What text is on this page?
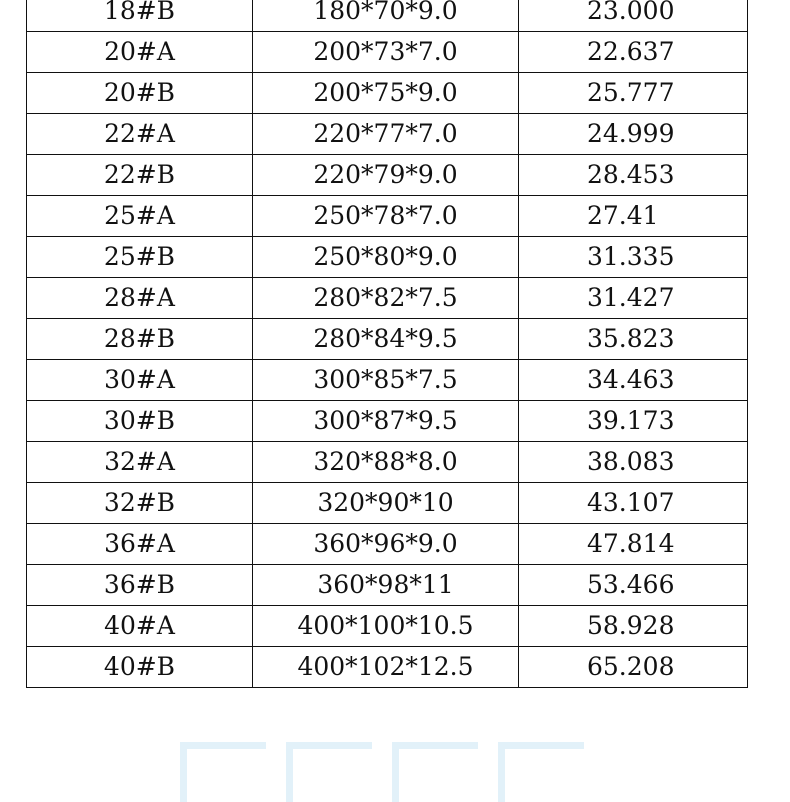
18#B	180*70*9.0	23.000
20#A	200*73*7.0	22.637
20#B	200*75*9.0	25.777
22#A	220*77*7.0	24.999
22#B	220*79*9.0	28.453
25#A	250*78*7.0	27.41
25#B	250*80*9.0	31.335
28#A	280*82*7.5	31.427
28#B	280*84*9.5	35.823
30#A	300*85*7.5	34.463
30#B	300*87*9.5	39.173
32#A	320*88*8.0	38.083
32#B	320*90*10	43.107
36#A	360*96*9.0	47.814
36#B	360*98*11	53.466
40#A	400*100*10.5	58.928
40#B	400*102*12.5	65.208
